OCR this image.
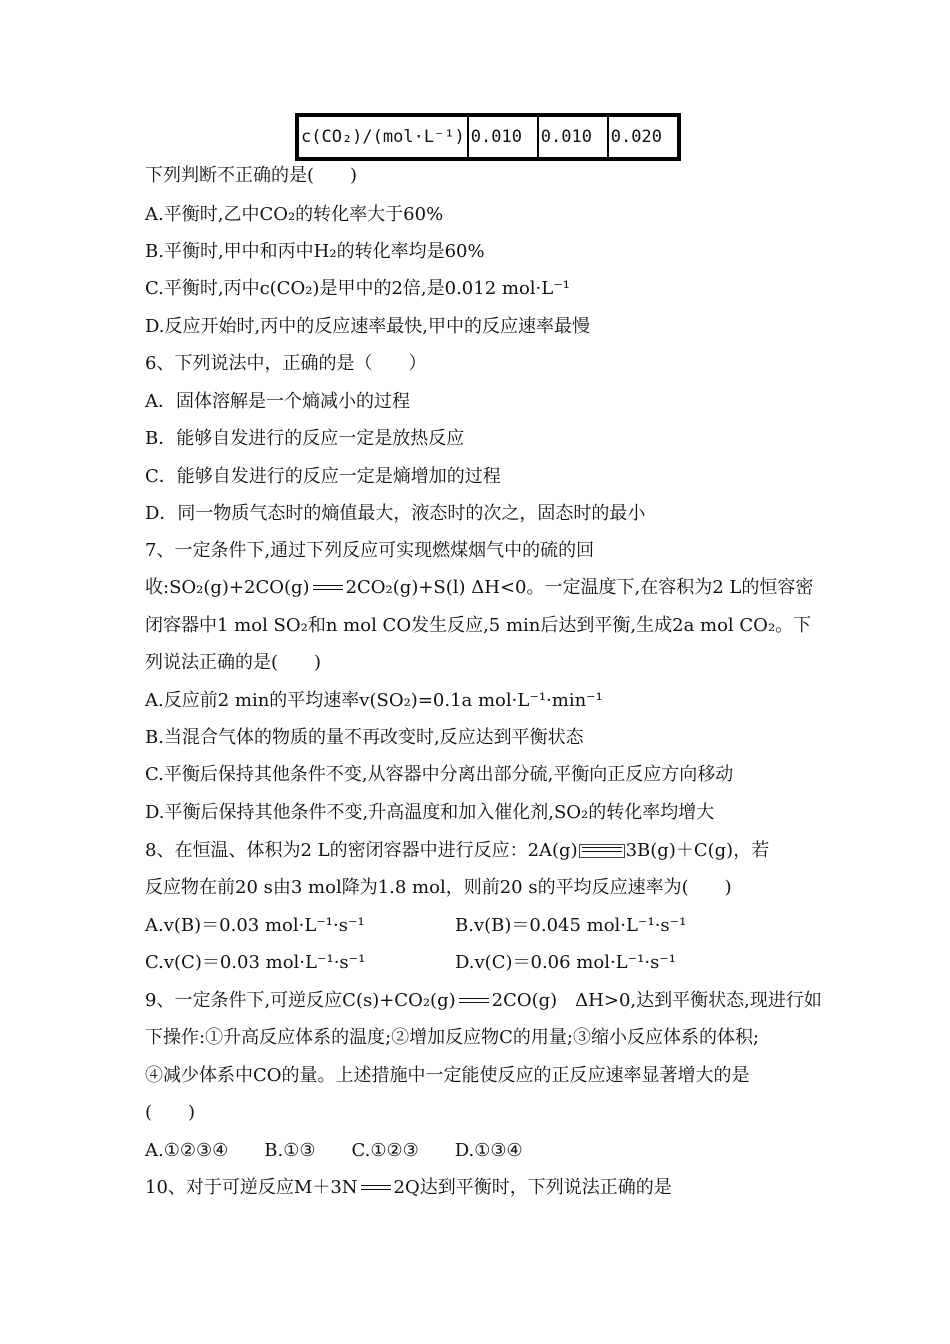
c(CO₂)/(mol·L⁻¹)	0.010	0.010	0.020
下列判断不正确的是(　　)
A.平衡时,乙中CO₂的转化率大于60%
B.平衡时,甲中和丙中H₂的转化率均是60%
C.平衡时,丙中c(CO₂)是甲中的2倍,是0.012 mol·L⁻¹
D.反应开始时,丙中的反应速率最快,甲中的反应速率最慢
6、下列说法中，正确的是（　　）
A．固体溶解是一个熵减小的过程
B．能够自发进行的反应一定是放热反应
C．能够自发进行的反应一定是熵增加的过程
D．同一物质气态时的熵值最大，液态时的次之，固态时的最小
7、一定条件下,通过下列反应可实现燃煤烟气中的硫的回
收:SO₂(g)+2CO(g) 2CO₂(g)+S(l) ΔH<0。一定温度下,在容积为2 L的恒容密
闭容器中1 mol SO₂和n mol CO发生反应,5 min后达到平衡,生成2a mol CO₂。下
列说法正确的是(　　)
A.反应前2 min的平均速率v(SO₂)=0.1a mol·L⁻¹·min⁻¹
B.当混合气体的物质的量不再改变时,反应达到平衡状态
C.平衡后保持其他条件不变,从容器中分离出部分硫,平衡向正反应方向移动
D.平衡后保持其他条件不变,升高温度和加入催化剂,SO₂的转化率均增大
8、在恒温、体积为2 L的密闭容器中进行反应：2A(g)	3B(g)＋C(g)，若
反应物在前20 s由3 mol降为1.8 mol，则前20 s的平均反应速率为(　　)
A.v(B)＝0.03 mol·L⁻¹·s⁻¹	B.v(B)＝0.045 mol·L⁻¹·s⁻¹
C.v(C)＝0.03 mol·L⁻¹·s⁻¹	D.v(C)＝0.06 mol·L⁻¹·s⁻¹
9、一定条件下,可逆反应C(s)+CO₂(g) 2CO(g)　ΔH>0,达到平衡状态,现进行如
下操作:①升高反应体系的温度;②增加反应物C的用量;③缩小反应体系的体积;
④减少体系中CO的量。上述措施中一定能使反应的正反应速率显著增大的是
(　　)
A.①②③④　　B.①③　　C.①②③　　D.①③④
10、对于可逆反应M＋3N 2Q达到平衡时，下列说法正确的是
